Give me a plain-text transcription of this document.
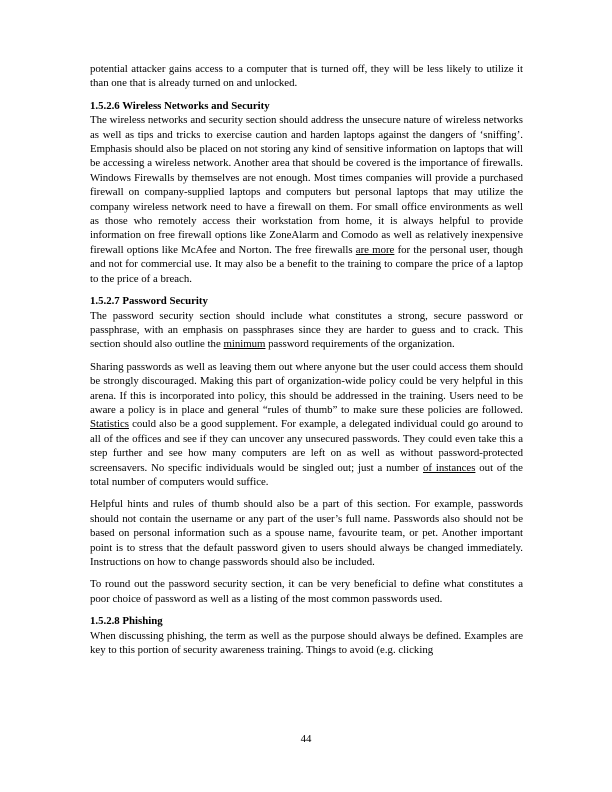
potential attacker gains access to a computer that is turned off, they will be less likely to utilize it than one that is already turned on and unlocked.

1.5.2.6 Wireless Networks and Security

The wireless networks and security section should address the unsecure nature of wireless networks as well as tips and tricks to exercise caution and harden laptops against the dangers of ‘sniffing’. Emphasis should also be placed on not storing any kind of sensitive information on laptops that will be accessing a wireless network. Another area that should be covered is the importance of firewalls. Windows Firewalls by themselves are not enough. Most times companies will provide a purchased firewall on company-supplied laptops and computers but personal laptops that may utilize the company wireless network need to have a firewall on them. For small office environments as well as those who remotely access their workstation from home, it is always helpful to provide information on free firewall options like ZoneAlarm and Comodo as well as relatively inexpensive firewall options like McAfee and Norton. The free firewalls are more for the personal user, though and not for commercial use. It may also be a benefit to the training to compare the price of a laptop to the price of a breach.

1.5.2.7 Password Security

The password security section should include what constitutes a strong, secure password or passphrase, with an emphasis on passphrases since they are harder to guess and to crack. This section should also outline the minimum password requirements of the organization.

Sharing passwords as well as leaving them out where anyone but the user could access them should be strongly discouraged. Making this part of organization-wide policy could be very helpful in this arena. If this is incorporated into policy, this should be addressed in the training. Users need to be aware a policy is in place and general “rules of thumb” to make sure these policies are followed. Statistics could also be a good supplement. For example, a delegated individual could go around to all of the offices and see if they can uncover any unsecured passwords. They could even take this a step further and see how many computers are left on as well as without password-protected screensavers. No specific individuals would be singled out; just a number of instances out of the total number of computers would suffice.

Helpful hints and rules of thumb should also be a part of this section. For example, passwords should not contain the username or any part of the user’s full name. Passwords also should not be based on personal information such as a spouse name, favourite team, or pet. Another important point is to stress that the default password given to users should always be changed immediately. Instructions on how to change passwords should also be included.

To round out the password security section, it can be very beneficial to define what constitutes a poor choice of password as well as a listing of the most common passwords used.

1.5.2.8 Phishing

When discussing phishing, the term as well as the purpose should always be defined. Examples are key to this portion of security awareness training. Things to avoid (e.g. clicking

44
